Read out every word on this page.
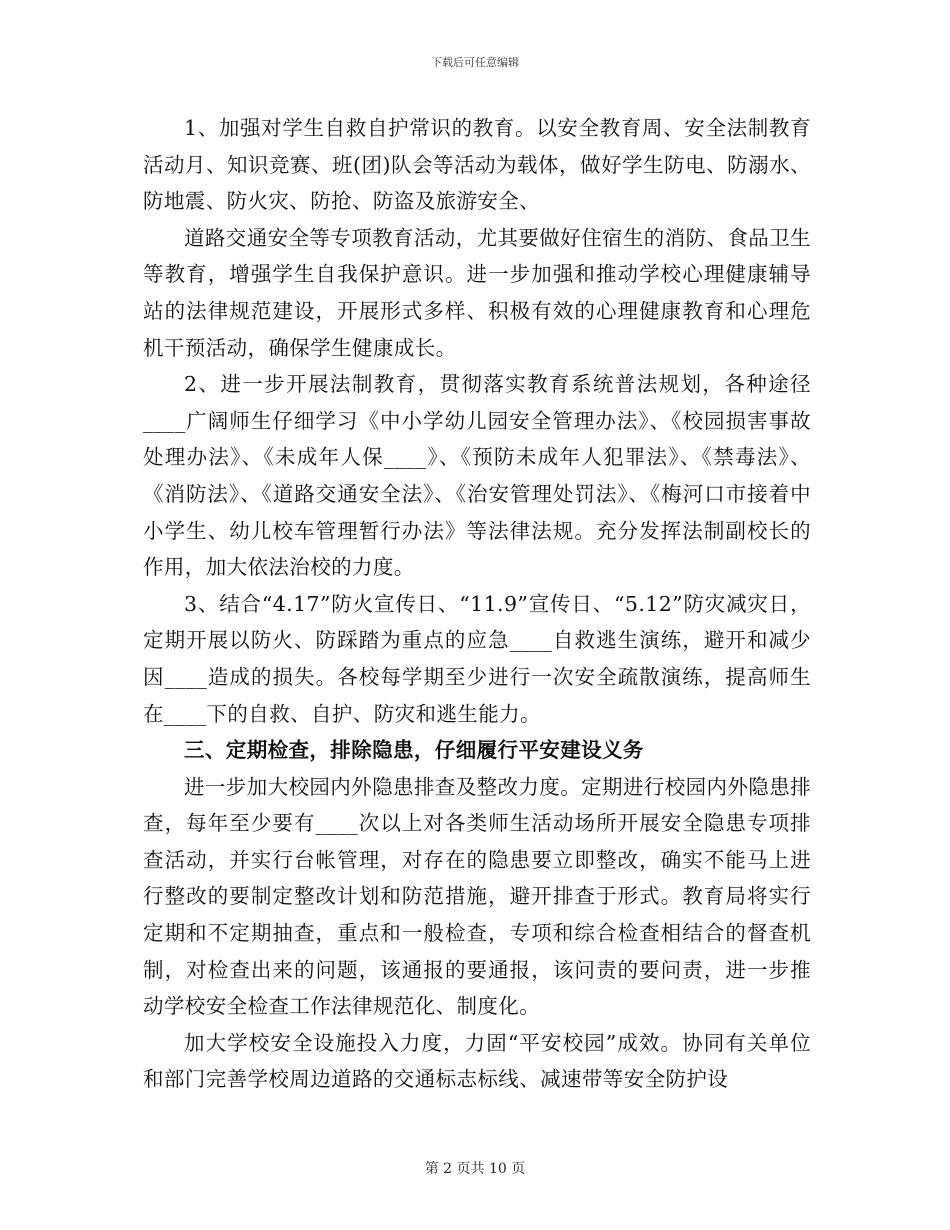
下载后可任意编辑

1、加强对学生自救自护常识的教育。以安全教育周、安全法制教育活动月、知识竞赛、班(团)队会等活动为载体，做好学生防电、防溺水、防地震、防火灾、防抢、防盗及旅游安全、

道路交通安全等专项教育活动，尤其要做好住宿生的消防、食品卫生等教育，增强学生自我保护意识。进一步加强和推动学校心理健康辅导站的法律规范建设，开展形式多样、积极有效的心理健康教育和心理危机干预活动，确保学生健康成长。

2、进一步开展法制教育，贯彻落实教育系统普法规划，各种途径____广阔师生仔细学习《中小学幼儿园安全管理办法》、《校园损害事故处理办法》、《未成年人保____》、《预防未成年人犯罪法》、《禁毒法》、《消防法》、《道路交通安全法》、《治安管理处罚法》、《梅河口市接着中小学生、幼儿校车管理暂行办法》等法律法规。充分发挥法制副校长的作用，加大依法治校的力度。

3、结合“4.17”防火宣传日、“11.9”宣传日、“5.12”防灾减灾日，定期开展以防火、防踩踏为重点的应急____自救逃生演练，避开和减少因____造成的损失。各校每学期至少进行一次安全疏散演练，提高师生在____下的自救、自护、防灾和逃生能力。

三、定期检查，排除隐患，仔细履行平安建设义务

进一步加大校园内外隐患排查及整改力度。定期进行校园内外隐患排查，每年至少要有____次以上对各类师生活动场所开展安全隐患专项排查活动，并实行台帐管理，对存在的隐患要立即整改，确实不能马上进行整改的要制定整改计划和防范措施，避开排查于形式。教育局将实行定期和不定期抽查，重点和一般检查，专项和综合检查相结合的督查机制，对检查出来的问题，该通报的要通报，该问责的要问责，进一步推动学校安全检查工作法律规范化、制度化。

加大学校安全设施投入力度，力固“平安校园”成效。协同有关单位和部门完善学校周边道路的交通标志标线、减速带等安全防护设

第 2 页共 10 页
